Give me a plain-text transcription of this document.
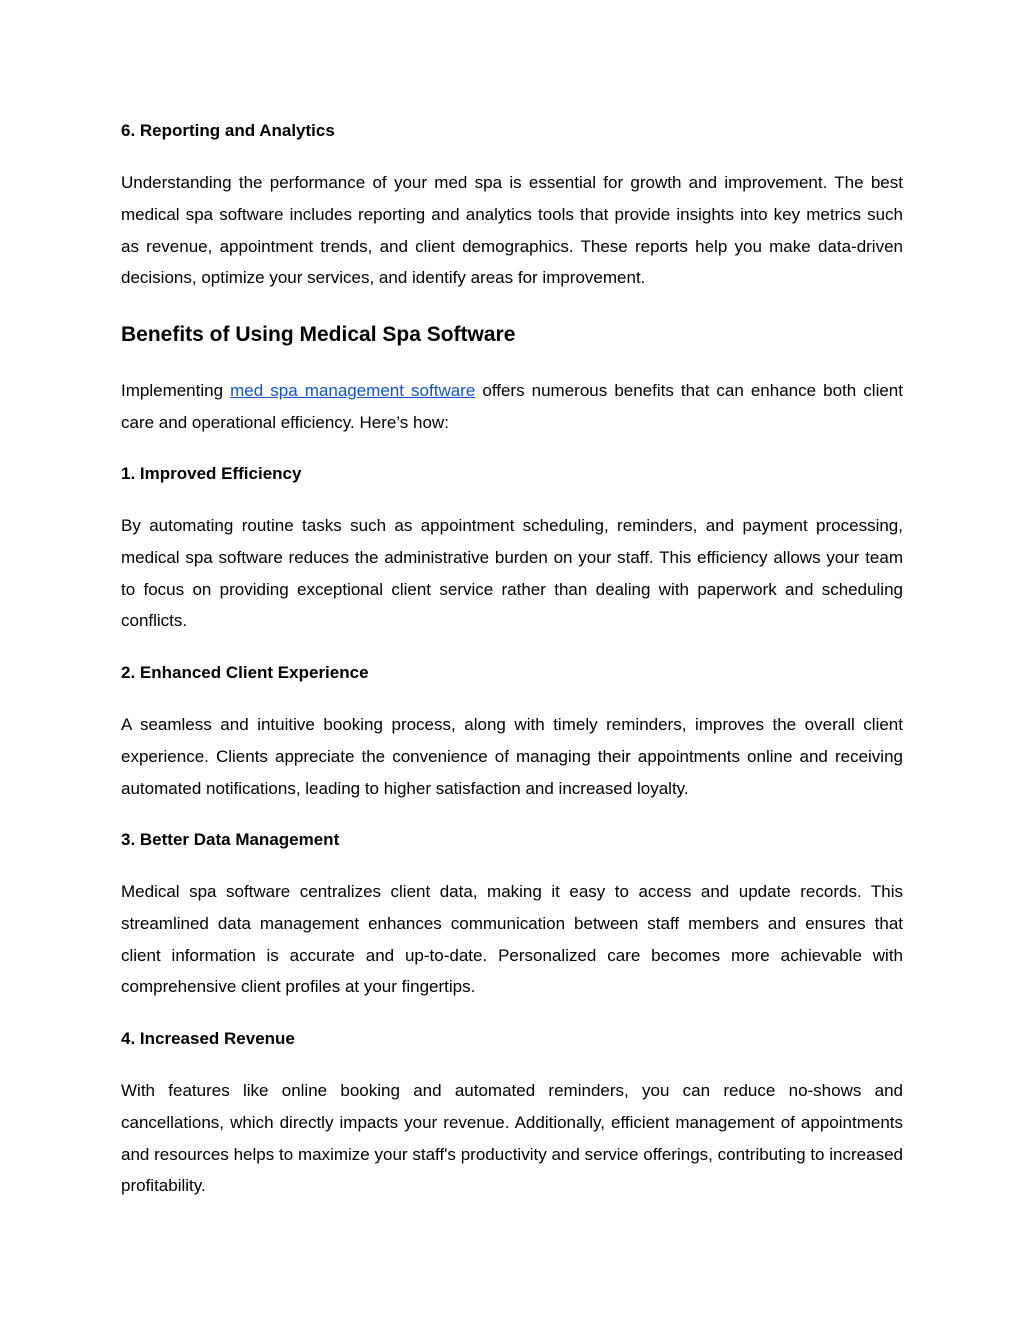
6. Reporting and Analytics

Understanding the performance of your med spa is essential for growth and improvement. The best medical spa software includes reporting and analytics tools that provide insights into key metrics such as revenue, appointment trends, and client demographics. These reports help you make data-driven decisions, optimize your services, and identify areas for improvement.

Benefits of Using Medical Spa Software

Implementing med spa management software offers numerous benefits that can enhance both client care and operational efficiency. Here’s how:

1. Improved Efficiency

By automating routine tasks such as appointment scheduling, reminders, and payment processing, medical spa software reduces the administrative burden on your staff. This efficiency allows your team to focus on providing exceptional client service rather than dealing with paperwork and scheduling conflicts.

2. Enhanced Client Experience

A seamless and intuitive booking process, along with timely reminders, improves the overall client experience. Clients appreciate the convenience of managing their appointments online and receiving automated notifications, leading to higher satisfaction and increased loyalty.

3. Better Data Management

Medical spa software centralizes client data, making it easy to access and update records. This streamlined data management enhances communication between staff members and ensures that client information is accurate and up-to-date. Personalized care becomes more achievable with comprehensive client profiles at your fingertips.

4. Increased Revenue

With features like online booking and automated reminders, you can reduce no-shows and cancellations, which directly impacts your revenue. Additionally, efficient management of appointments and resources helps to maximize your staff's productivity and service offerings, contributing to increased profitability.
